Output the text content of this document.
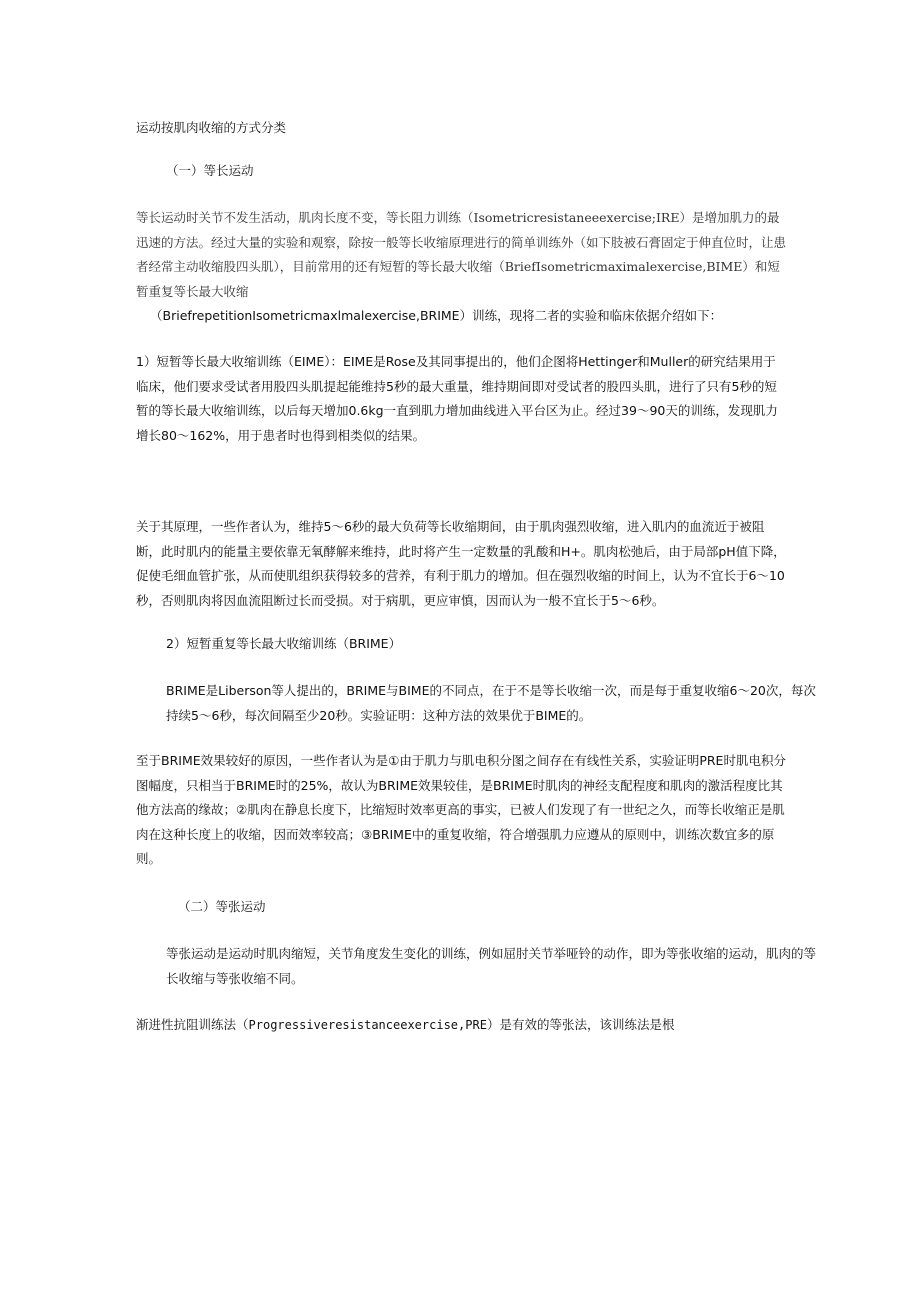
运动按肌肉收缩的方式分类

（一）等长运动

等长运动时关节不发生活动，肌肉长度不变，等长阻力训练（Isometricresistaneeexercise;IRE）是增加肌力的最迅速的方法。经过大量的实验和观察，除按一般等长收缩原理进行的简单训练外（如下肢被石膏固定于伸直位时，让患者经常主动收缩股四头肌），目前常用的还有短暂的等长最大收缩（BriefIsometricmaximalexercise,BIME）和短暂重复等长最大收缩

（BriefrepetitionIsometricmaxlmalexercise,BRIME）训练，现将二者的实验和临床依据介绍如下：

1）短暂等长最大收缩训练（EIME）：EIME是Rose及其同事提出的，他们企图将Hettinger和Muller的研究结果用于临床，他们要求受试者用股四头肌提起能维持5秒的最大重量，维持期间即对受试者的股四头肌，进行了只有5秒的短暂的等长最大收缩训练，以后每天增加0.6kg一直到肌力增加曲线进入平台区为止。经过39～90天的训练，发现肌力增长80～162%，用于患者时也得到相类似的结果。

关于其原理，一些作者认为，维持5～6秒的最大负荷等长收缩期间，由于肌肉强烈收缩，进入肌内的血流近于被阻断，此时肌内的能量主要依靠无氧酵解来维持，此时将产生一定数量的乳酸和H+。肌肉松弛后，由于局部pH值下降，促使毛细血管扩张，从而使肌组织获得较多的营养，有利于肌力的增加。但在强烈收缩的时间上，认为不宜长于6～10秒，否则肌肉将因血流阻断过长而受损。对于病肌，更应审慎，因而认为一般不宜长于5～6秒。

2）短暂重复等长最大收缩训练（BRIME）

BRIME是Liberson等人提出的，BRIME与BIME的不同点，在于不是等长收缩一次，而是每于重复收缩6～20次，每次持续5～6秒，每次间隔至少20秒。实验证明：这种方法的效果优于BIME的。

至于BRIME效果较好的原因，一些作者认为是①由于肌力与肌电积分图之间存在有线性关系，实验证明PRE时肌电积分图幅度，只相当于BRIME时的25%，故认为BRIME效果较佳，是BRIME时肌肉的神经支配程度和肌肉的激活程度比其他方法高的缘故；②肌肉在静息长度下，比缩短时效率更高的事实，已被人们发现了有一世纪之久，而等长收缩正是肌肉在这种长度上的收缩，因而效率较高；③BRIME中的重复收缩，符合增强肌力应遵从的原则中，训练次数宜多的原则。

（二）等张运动

等张运动是运动时肌肉缩短，关节角度发生变化的训练，例如屈肘关节举哑铃的动作，即为等张收缩的运动，肌肉的等长收缩与等张收缩不同。

渐进性抗阻训练法（Progressiveresistanceexercise,PRE）是有效的等张法，该训练法是根
